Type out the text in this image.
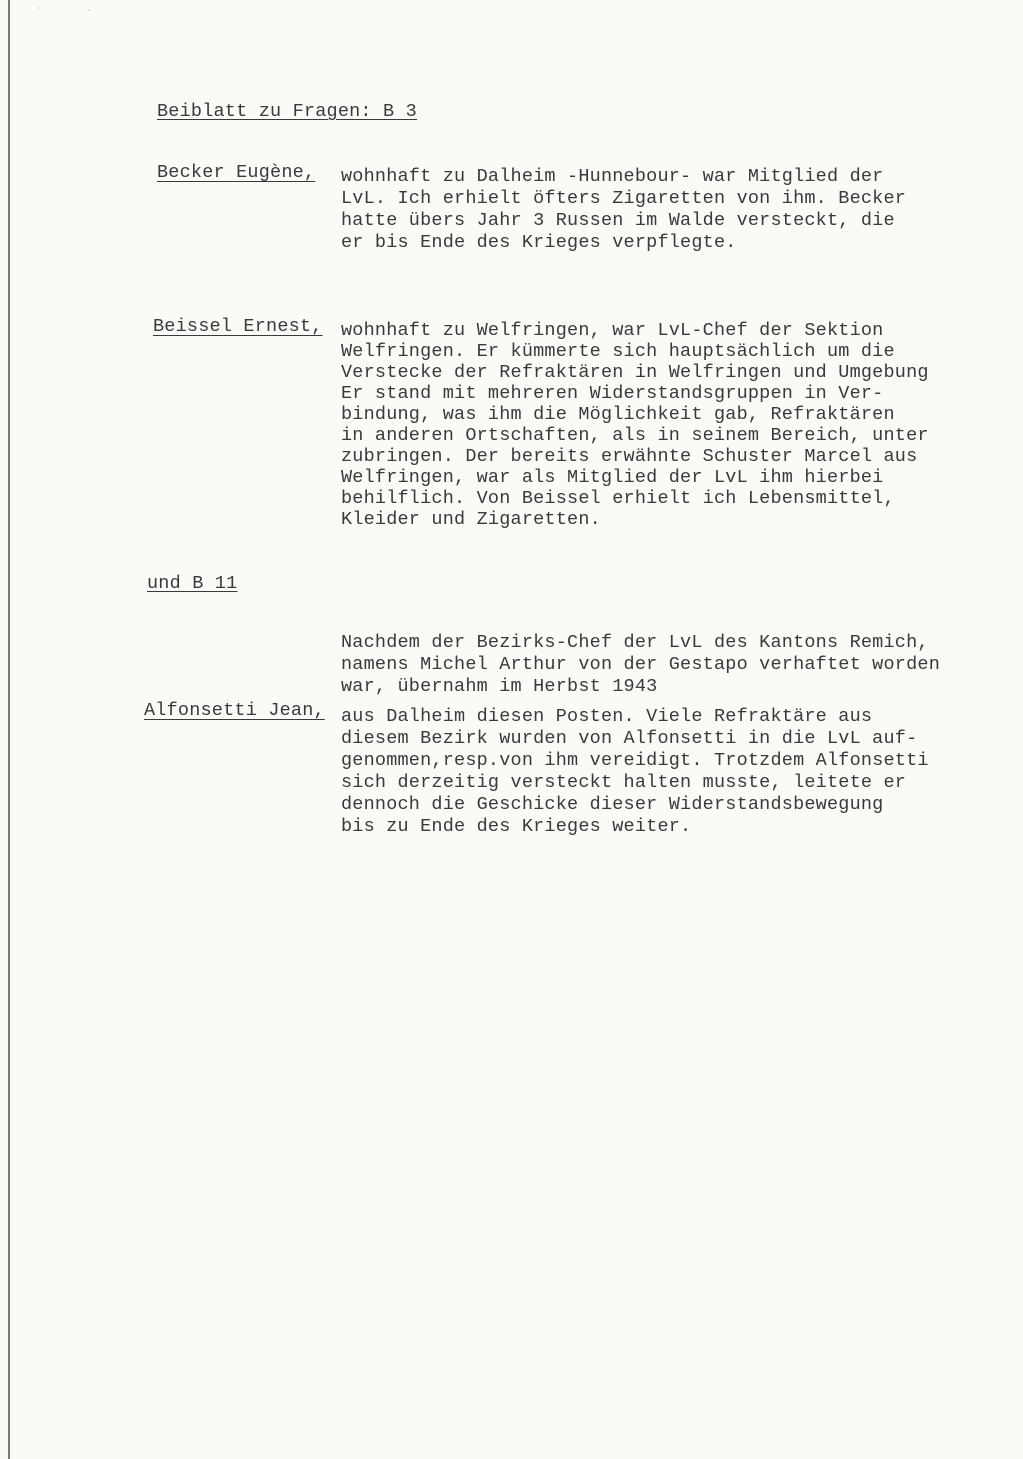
˙	˙
Beiblatt zu Fragen: B 3
Becker Eugène, wohnhaft zu Dalheim -Hunnebour- war Mitglied der
LvL. Ich erhielt öfters Zigaretten von ihm. Becker
hatte übers Jahr 3 Russen im Walde versteckt, die
er bis Ende des Krieges verpflegte.
Beissel Ernest, wohnhaft zu Welfringen, war LvL-Chef der Sektion
Welfringen. Er kümmerte sich hauptsächlich um die
Verstecke der Refraktären in Welfringen und Umgebung
Er stand mit mehreren Widerstandsgruppen in Ver-
bindung, was ihm die Möglichkeit gab, Refraktären
in anderen Ortschaften, als in seinem Bereich, unter
zubringen. Der bereits erwähnte Schuster Marcel aus
Welfringen, war als Mitglied der LvL ihm hierbei
behilflich. Von Beissel erhielt ich Lebensmittel,
Kleider und Zigaretten.
und B 11
Nachdem der Bezirks-Chef der LvL des Kantons Remich,
namens Michel Arthur von der Gestapo verhaftet worden
war, übernahm im Herbst 1943
Alfonsetti Jean, aus Dalheim diesen Posten. Viele Refraktäre aus
diesem Bezirk wurden von Alfonsetti in die LvL auf-
genommen,resp.von ihm vereidigt. Trotzdem Alfonsetti
sich derzeitig versteckt halten musste, leitete er
dennoch die Geschicke dieser Widerstandsbewegung
bis zu Ende des Krieges weiter.
